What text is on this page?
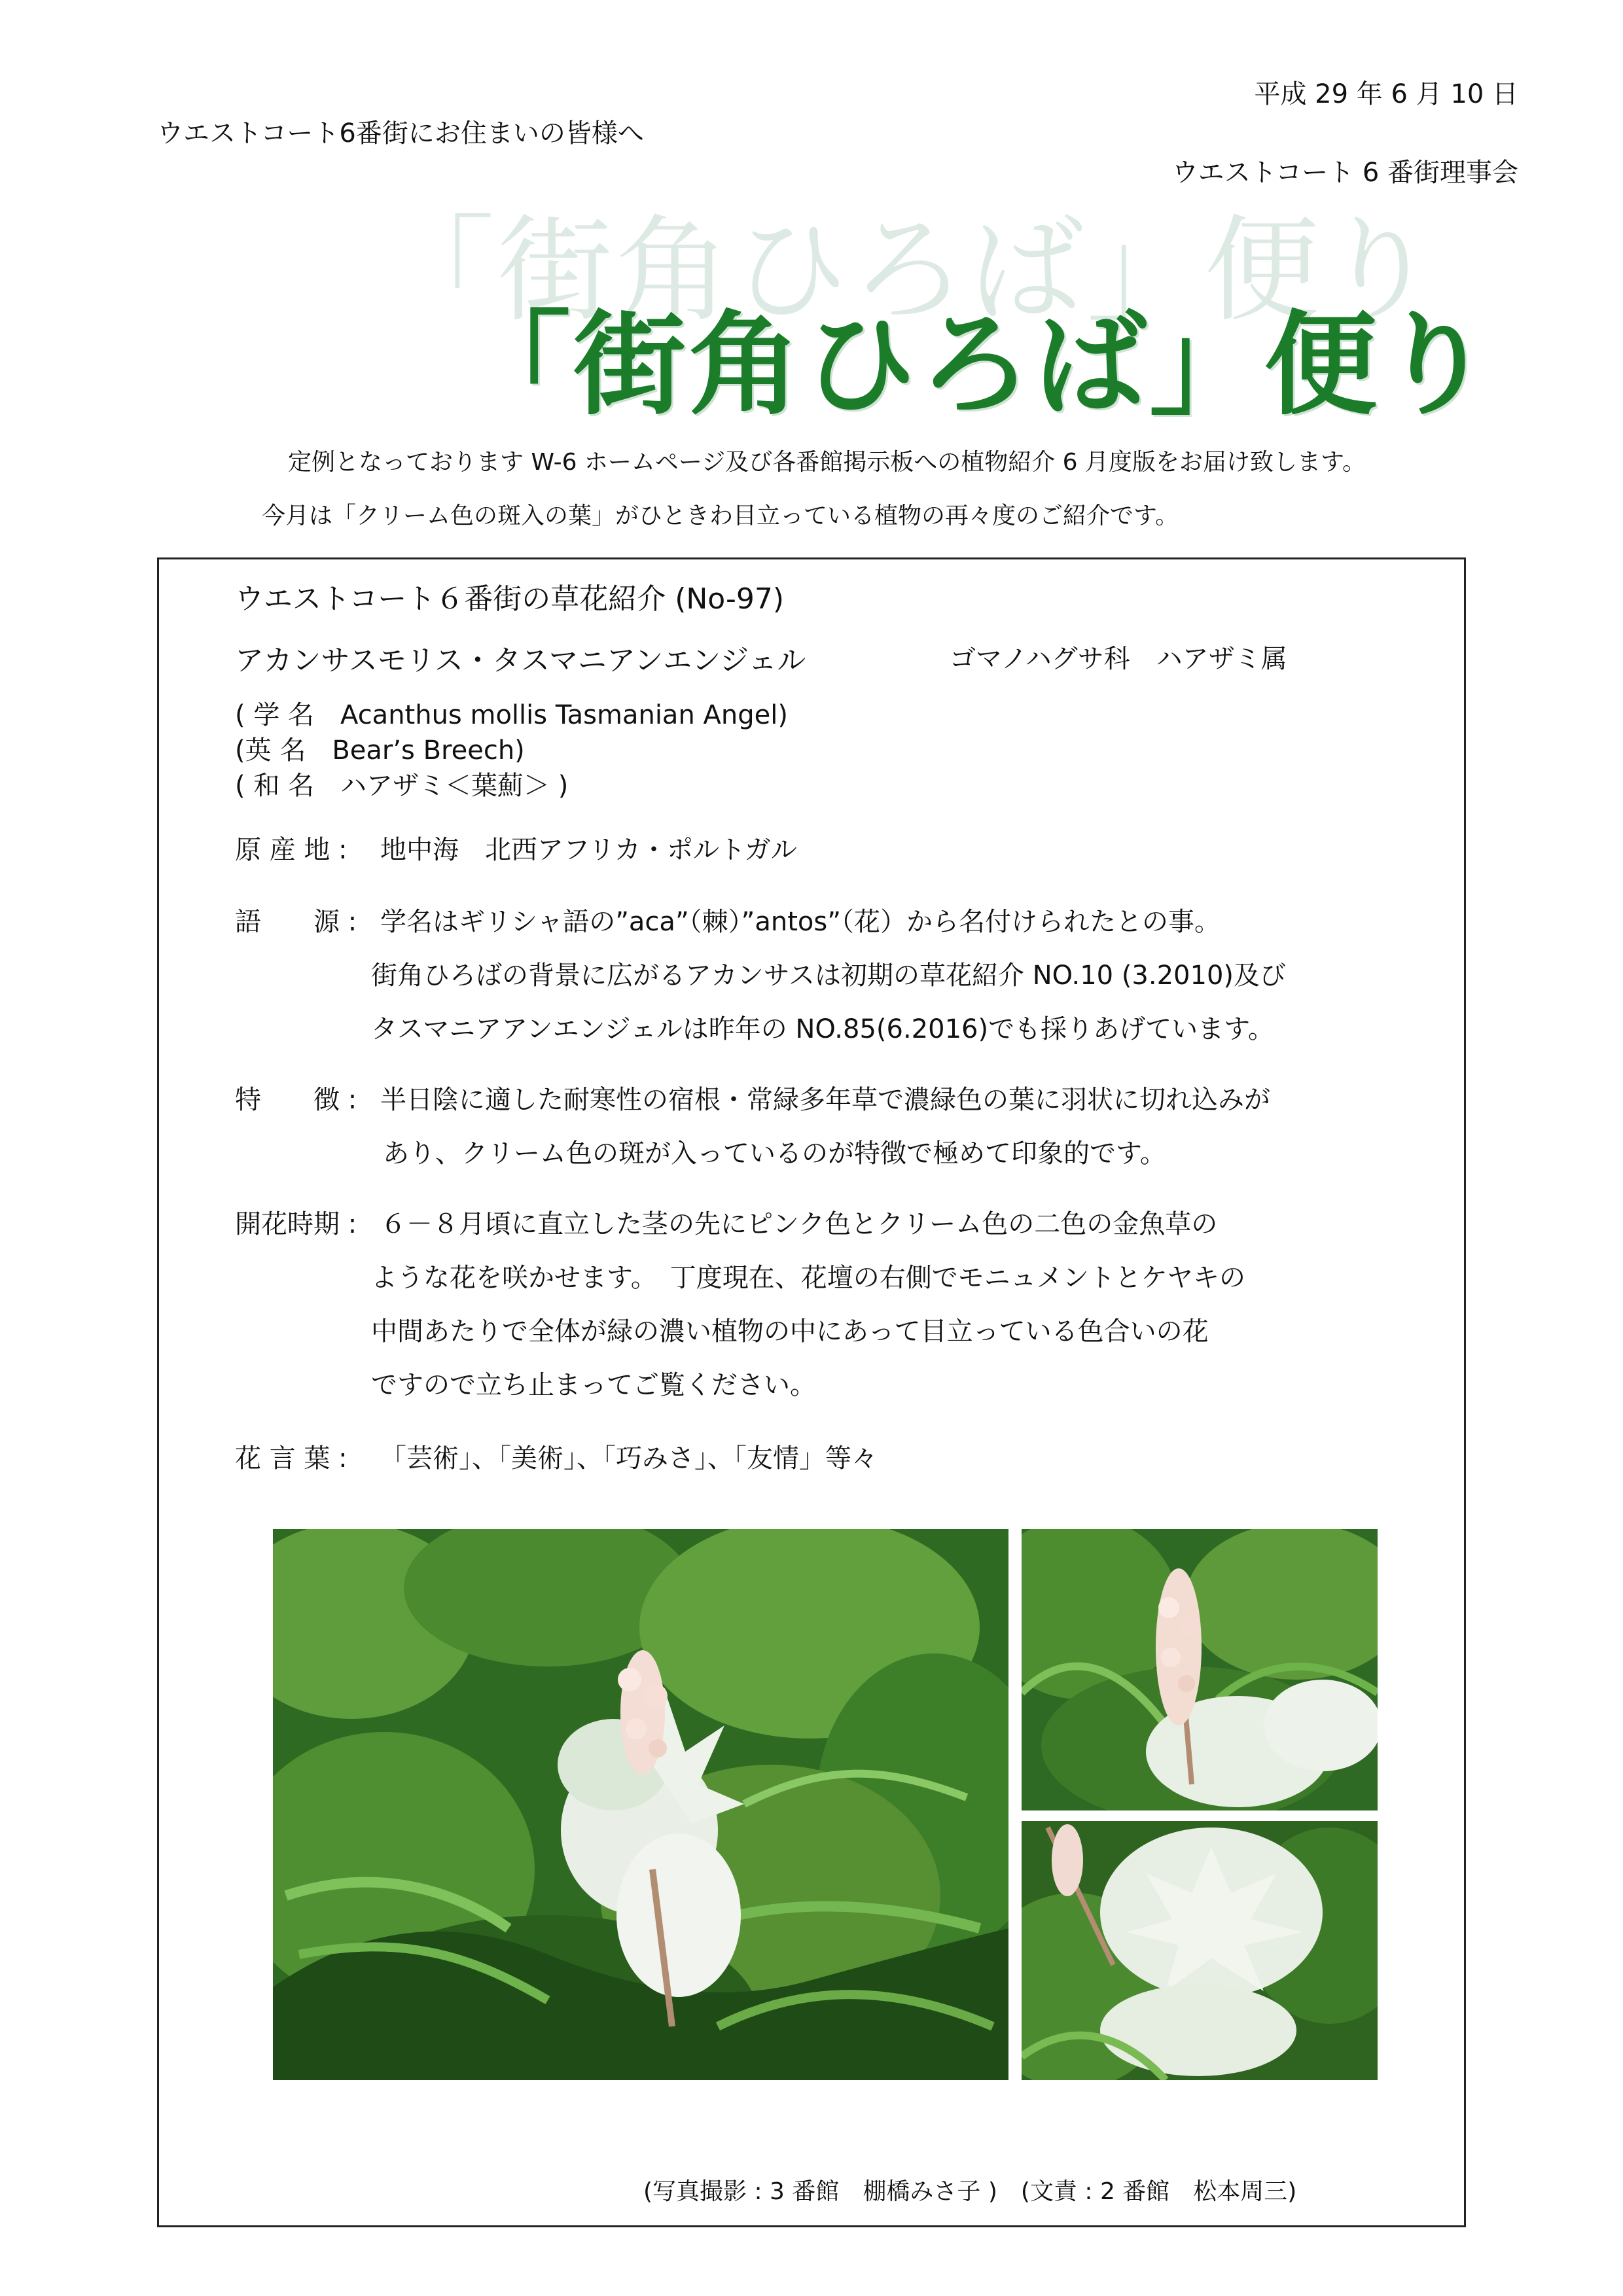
平成 29 年 6 月 10 日
ウエストコート6番街にお住まいの皆様へ
ウエストコート 6 番街理事会
「街角ひろば」便り
「街角ひろば」便り
定例となっております W-6 ホームページ及び各番館掲示板への植物紹介 6 月度版をお届け致します。
今月は「クリーム色の斑入の葉」がひときわ目立っている植物の再々度のご紹介です。
ウエストコート６番街の草花紹介 (No-97)
アカンサスモリス・タスマニアンエンジェル	ゴマノハグサ科　ハアザミ属
( 学 名　Acanthus mollis Tasmanian Angel)
(英 名　Bear’s Breech)
( 和 名　ハアザミ＜葉薊＞ )
原 産 地 : 地中海　北西アフリカ・ポルトガル
語　　源 : 学名はギリシャ語の”aca”（棘）”antos”（花）から名付けられたとの事。
街角ひろばの背景に広がるアカンサスは初期の草花紹介 NO.10 (3.2010)及び
タスマニアアンエンジェルは昨年の NO.85(6.2016)でも採りあげています。
特　　徴 : 半日陰に適した耐寒性の宿根・常緑多年草で濃緑色の葉に羽状に切れ込みが
あり、クリーム色の斑が入っているのが特徴で極めて印象的です。
開花時期 : ６－８月頃に直立した茎の先にピンク色とクリーム色の二色の金魚草の
ような花を咲かせます。　丁度現在、花壇の右側でモニュメントとケヤキの
中間あたりで全体が緑の濃い植物の中にあって目立っている色合いの花
ですので立ち止まってご覧ください。
花 言 葉 : 「芸術」、「美術」、「巧みさ」、「友情」等々
(写真撮影 : 3 番館　棚橋みさ子 )　(文責 : 2 番館　松本周三)
